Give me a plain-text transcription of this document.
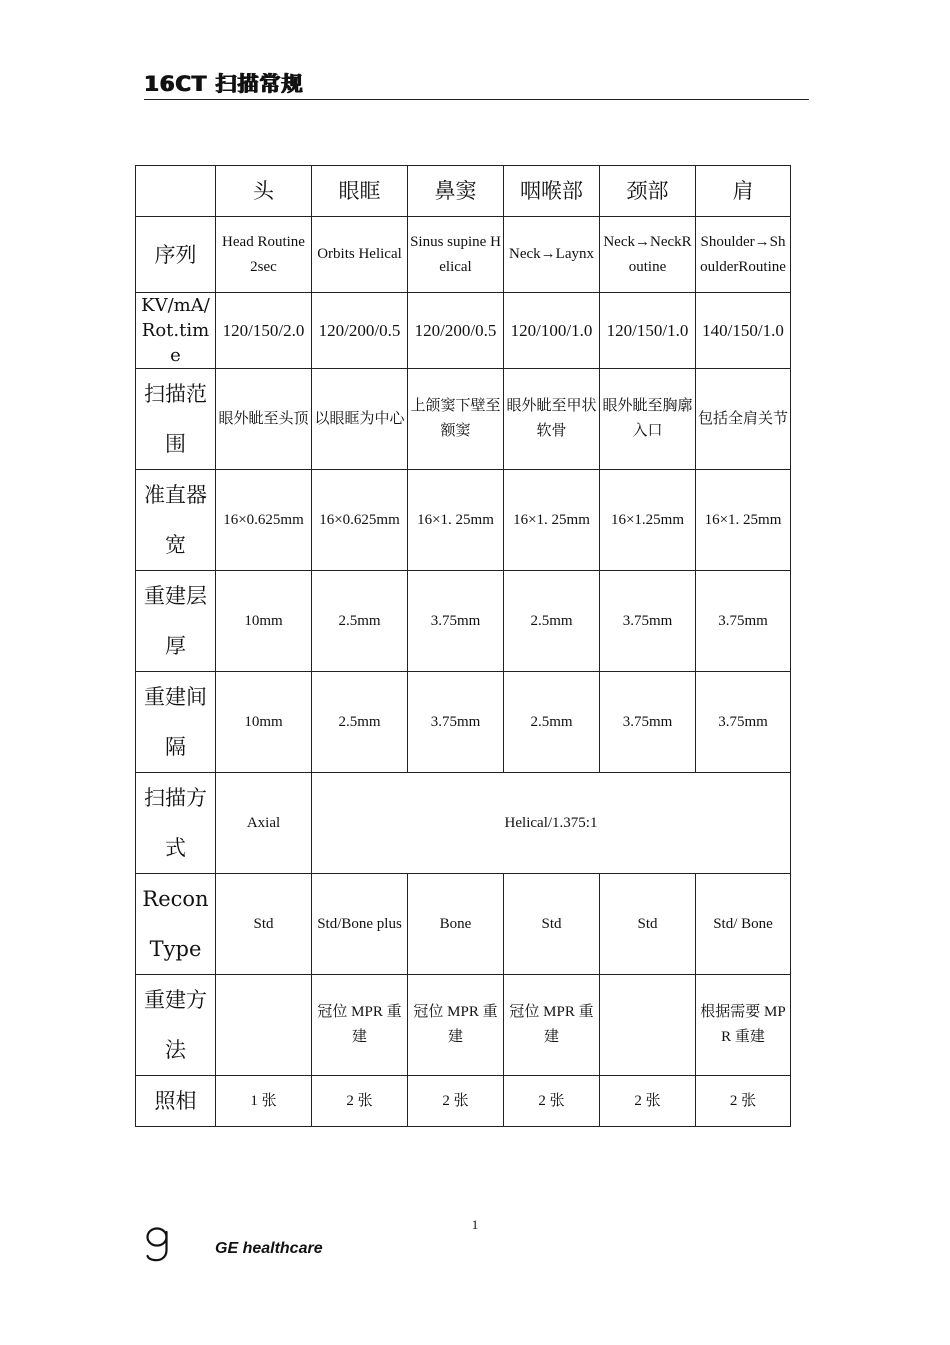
16CT 扫描常规
	头	眼眶	鼻窦	咽喉部	颈部	肩
序列	Head Routine 2sec	Orbits Helical	Sinus supine Helical	Neck→Laynx	Neck→NeckRoutine	Shoulder→ShoulderRoutine
KV/mA/Rot.time	120/150/2.0	120/200/0.5	120/200/0.5	120/100/1.0	120/150/1.0	140/150/1.0
扫描范围	眼外眦至头顶	以眼眶为中心	上颌窦下壁至额窦	眼外眦至甲状软骨	眼外眦至胸廓入口	包括全肩关节
准直器宽	16×0.625mm	16×0.625mm	16×1. 25mm	16×1. 25mm	16×1.25mm	16×1. 25mm
重建层厚	10mm	2.5mm	3.75mm	2.5mm	3.75mm	3.75mm
重建间隔	10mm	2.5mm	3.75mm	2.5mm	3.75mm	3.75mm
扫描方式	Axial	Helical/1.375:1				
Recon Type	Std	Std/Bone plus	Bone	Std	Std	Std/ Bone
重建方法		冠位 MPR 重建	冠位 MPR 重建	冠位 MPR 重建		根据需要 MPR 重建
照相	1 张	2 张	2 张	2 张	2 张	2 张
1
GE healthcare
